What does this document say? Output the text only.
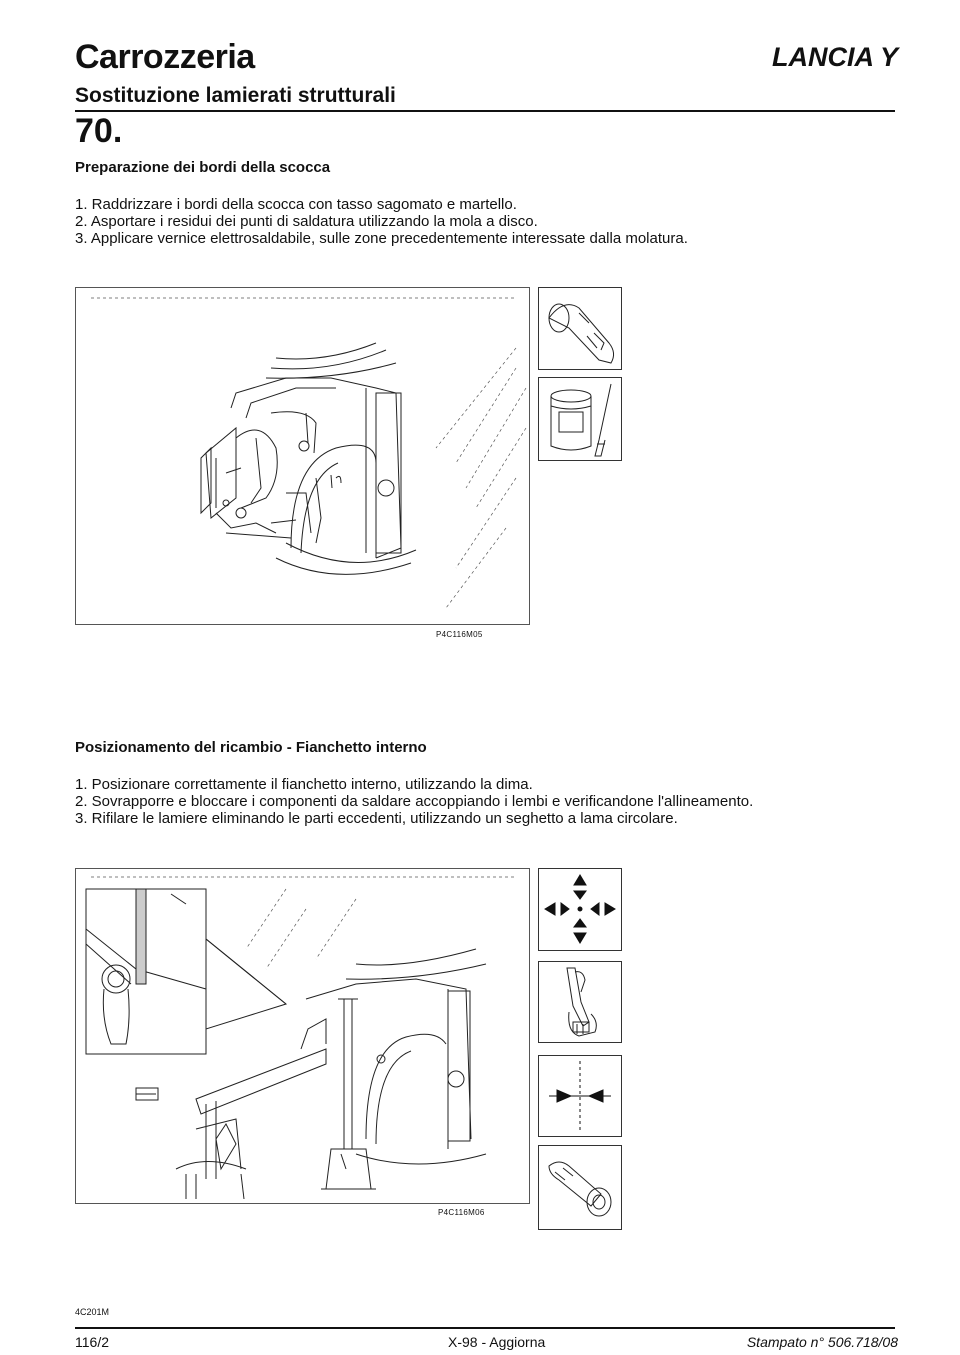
Carrozzeria	LANCIA Y
Sostituzione lamierati strutturali
70.
Preparazione dei bordi della scocca
1. Raddrizzare i bordi della scocca con tasso sagomato e martello.
2. Asportare i residui dei punti di saldatura utilizzando la mola a disco.
3. Applicare vernice elettrosaldabile, sulle zone precedentemente interessate dalla molatura.
P4C116M05
Posizionamento del ricambio - Fianchetto interno
1. Posizionare correttamente il fianchetto interno, utilizzando la dima.
2. Sovrapporre e bloccare i componenti da saldare accoppiando i lembi e verificandone l'allineamento.
3. Rifilare le lamiere eliminando le parti eccedenti, utilizzando un seghetto a lama circolare.
P4C116M06
4C201M
116/2	X-98 - Aggiorna	Stampato n° 506.718/08
